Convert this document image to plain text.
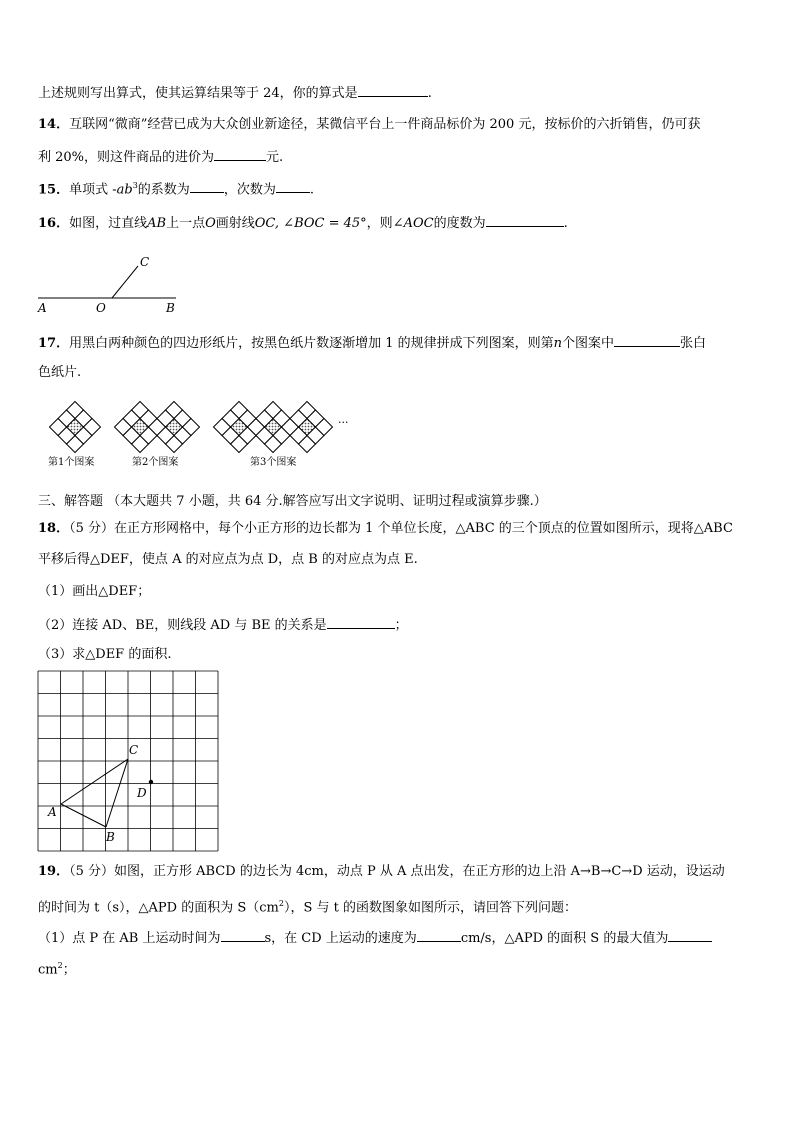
上述规则写出算式，使其运算结果等于 24，你的算式是	.
14．互联网“微商”经营已成为大众创业新途径，某微信平台上一件商品标价为 200 元，按标价的六折销售，仍可获
利 20%，则这件商品的进价为	元.
15．单项式 $-ab^3$的系数为	，次数为	.
16．如图，过直线AB上一点O画射线OC, ∠BOC = 45°，则∠AOC的度数为	.
A	O	B
C
17．用黑白两种颜色的四边形纸片，按黑色纸片数逐渐增加 1 的规律拼成下列图案，则第n个图案中	张白
色纸片.
第1个图案	第2个图案	第3个图案
···
三、解答题 （本大题共 7 小题，共 64 分.解答应写出文字说明、证明过程或演算步骤.）
18．（5 分）在正方形网格中，每个小正方形的边长都为 1 个单位长度，△ABC 的三个顶点的位置如图所示，现将△ABC
平移后得△DEF，使点 A 的对应点为点 D，点 B 的对应点为点 E.
（1）画出△DEF；
（2）连接 AD、BE，则线段 AD 与 BE 的关系是	；
（3）求△DEF 的面积.
A
B
C
D
19．（5 分）如图，正方形 ABCD 的边长为 4cm，动点 P 从 A 点出发，在正方形的边上沿 A→B→C→D 运动，设运动
的时间为 t（s），△APD 的面积为 $S(cm^2)$，S 与 t 的函数图象如图所示，请回答下列问题：
（1）点 P 在 AB 上运动时间为	s，在 CD 上运动的速度为	cm/s，△APD 的面积 S 的最大值为
$cm^2$；
